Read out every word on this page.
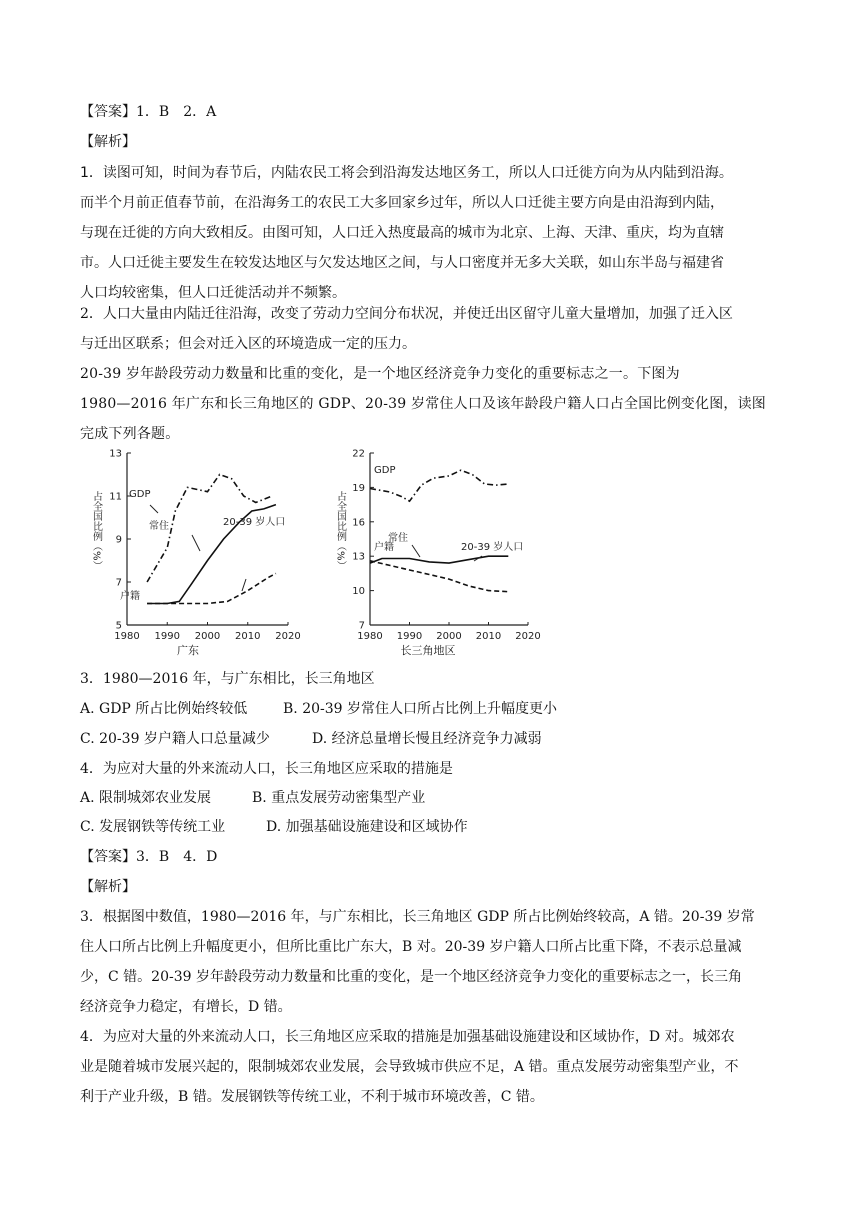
【答案】1．B　2．A
【解析】
1．读图可知，时间为春节后，内陆农民工将会到沿海发达地区务工，所以人口迁徙方向为从内陆到沿海。
而半个月前正值春节前，在沿海务工的农民工大多回家乡过年，所以人口迁徙主要方向是由沿海到内陆，
与现在迁徙的方向大致相反。由图可知，人口迁入热度最高的城市为北京、上海、天津、重庆，均为直辖
市。人口迁徙主要发生在较发达地区与欠发达地区之间，与人口密度并无多大关联，如山东半岛与福建省
人口均较密集，但人口迁徙活动并不频繁。
2．人口大量由内陆迁往沿海，改变了劳动力空间分布状况，并使迁出区留守儿童大量增加，加强了迁入区
与迁出区联系；但会对迁入区的环境造成一定的压力。
20-39 岁年龄段劳动力数量和比重的变化，是一个地区经济竞争力变化的重要标志之一。下图为
1980—2016 年广东和长三角地区的 GDP、20-39 岁常住人口及该年龄段户籍人口占全国比例变化图，读图
完成下列各题。
5
7
9
11
13
1980 1990 2000 2010 2020
占全国比例（%）
广东
GDP
常住	20-39 岁人口
户籍
7
10
13
16
19
22
1980 1990 2000 2010 2020
占全国比例（%）
长三角地区
GDP
常住
20-39 岁人口
户籍
3．1980—2016 年，与广东相比，长三角地区
A. GDP 所占比例始终较低	B. 20-39 岁常住人口所占比例上升幅度更小
C. 20-39 岁户籍人口总量减少	D. 经济总量增长慢且经济竞争力减弱
4．为应对大量的外来流动人口，长三角地区应采取的措施是
A. 限制城郊农业发展	B. 重点发展劳动密集型产业
C. 发展钢铁等传统工业	D. 加强基础设施建设和区域协作
【答案】3．B　4．D
【解析】
3．根据图中数值，1980—2016 年，与广东相比，长三角地区 GDP 所占比例始终较高，A 错。20-39 岁常
住人口所占比例上升幅度更小，但所比重比广东大，B 对。20-39 岁户籍人口所占比重下降，不表示总量减
少，C 错。20-39 岁年龄段劳动力数量和比重的变化，是一个地区经济竞争力变化的重要标志之一，长三角
经济竞争力稳定，有增长，D 错。
4．为应对大量的外来流动人口，长三角地区应采取的措施是加强基础设施建设和区域协作，D 对。城郊农
业是随着城市发展兴起的，限制城郊农业发展，会导致城市供应不足，A 错。重点发展劳动密集型产业，不
利于产业升级，B 错。发展钢铁等传统工业，不利于城市环境改善，C 错。
